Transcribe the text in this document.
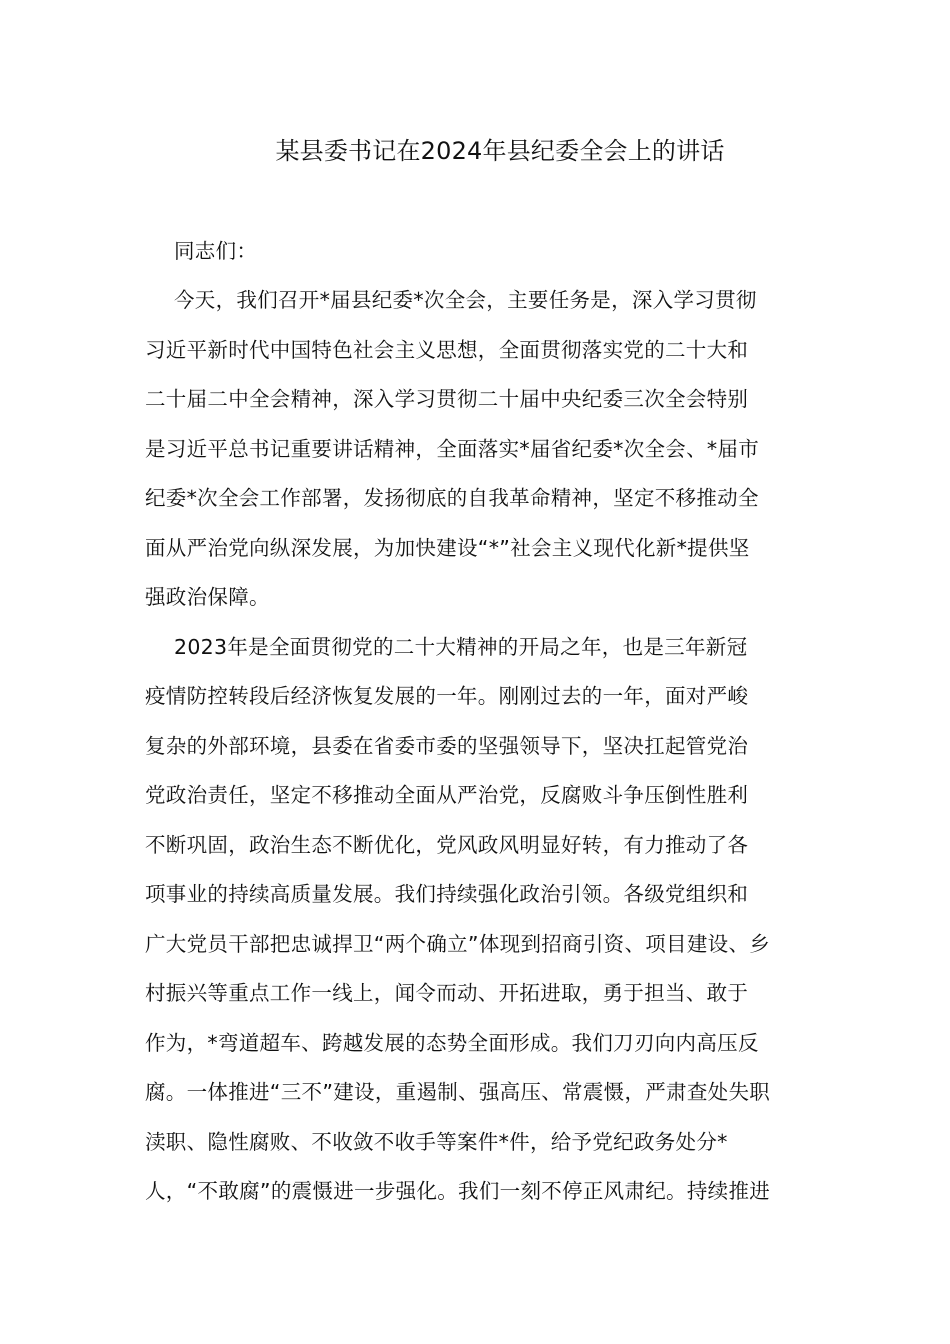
某县委书记在2024年县纪委全会上的讲话
同志们：
今天，我们召开*届县纪委*次全会，主要任务是，深入学习贯彻
习近平新时代中国特色社会主义思想，全面贯彻落实党的二十大和
二十届二中全会精神，深入学习贯彻二十届中央纪委三次全会特别
是习近平总书记重要讲话精神，全面落实*届省纪委*次全会、*届市
纪委*次全会工作部署，发扬彻底的自我革命精神，坚定不移推动全
面从严治党向纵深发展，为加快建设“*”社会主义现代化新*提供坚
强政治保障。
2023年是全面贯彻党的二十大精神的开局之年，也是三年新冠
疫情防控转段后经济恢复发展的一年。刚刚过去的一年，面对严峻
复杂的外部环境，县委在省委市委的坚强领导下，坚决扛起管党治
党政治责任，坚定不移推动全面从严治党，反腐败斗争压倒性胜利
不断巩固，政治生态不断优化，党风政风明显好转，有力推动了各
项事业的持续高质量发展。我们持续强化政治引领。各级党组织和
广大党员干部把忠诚捍卫“两个确立”体现到招商引资、项目建设、乡
村振兴等重点工作一线上，闻令而动、开拓进取，勇于担当、敢于
作为，*弯道超车、跨越发展的态势全面形成。我们刀刃向内高压反
腐。一体推进“三不”建设，重遏制、强高压、常震慑，严肃查处失职
渎职、隐性腐败、不收敛不收手等案件*件，给予党纪政务处分*
人，“不敢腐”的震慑进一步强化。我们一刻不停正风肃纪。持续推进
